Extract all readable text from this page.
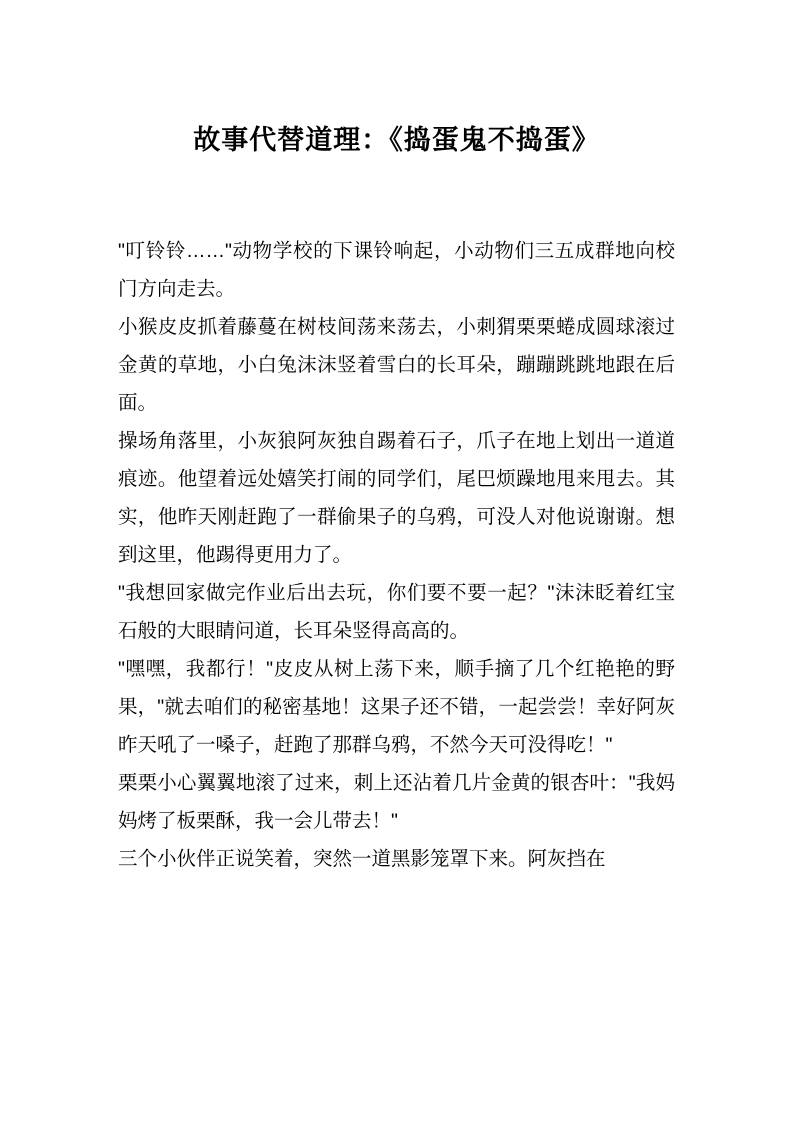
故事代替道理：《捣蛋鬼不捣蛋》

"叮铃铃……"动物学校的下课铃响起，小动物们三五成群地向校门方向走去。

小猴皮皮抓着藤蔓在树枝间荡来荡去，小刺猬栗栗蜷成圆球滚过金黄的草地，小白兔沫沫竖着雪白的长耳朵，蹦蹦跳跳地跟在后面。

操场角落里，小灰狼阿灰独自踢着石子，爪子在地上划出一道道痕迹。他望着远处嬉笑打闹的同学们，尾巴烦躁地甩来甩去。其实，他昨天刚赶跑了一群偷果子的乌鸦，可没人对他说谢谢。想到这里，他踢得更用力了。

"我想回家做完作业后出去玩，你们要不要一起？"沫沫眨着红宝石般的大眼睛问道，长耳朵竖得高高的。

"嘿嘿，我都行！"皮皮从树上荡下来，顺手摘了几个红艳艳的野果，"就去咱们的秘密基地！这果子还不错，一起尝尝！幸好阿灰昨天吼了一嗓子，赶跑了那群乌鸦，不然今天可没得吃！"

栗栗小心翼翼地滚了过来，刺上还沾着几片金黄的银杏叶："我妈妈烤了板栗酥，我一会儿带去！"

三个小伙伴正说笑着，突然一道黑影笼罩下来。阿灰挡在
